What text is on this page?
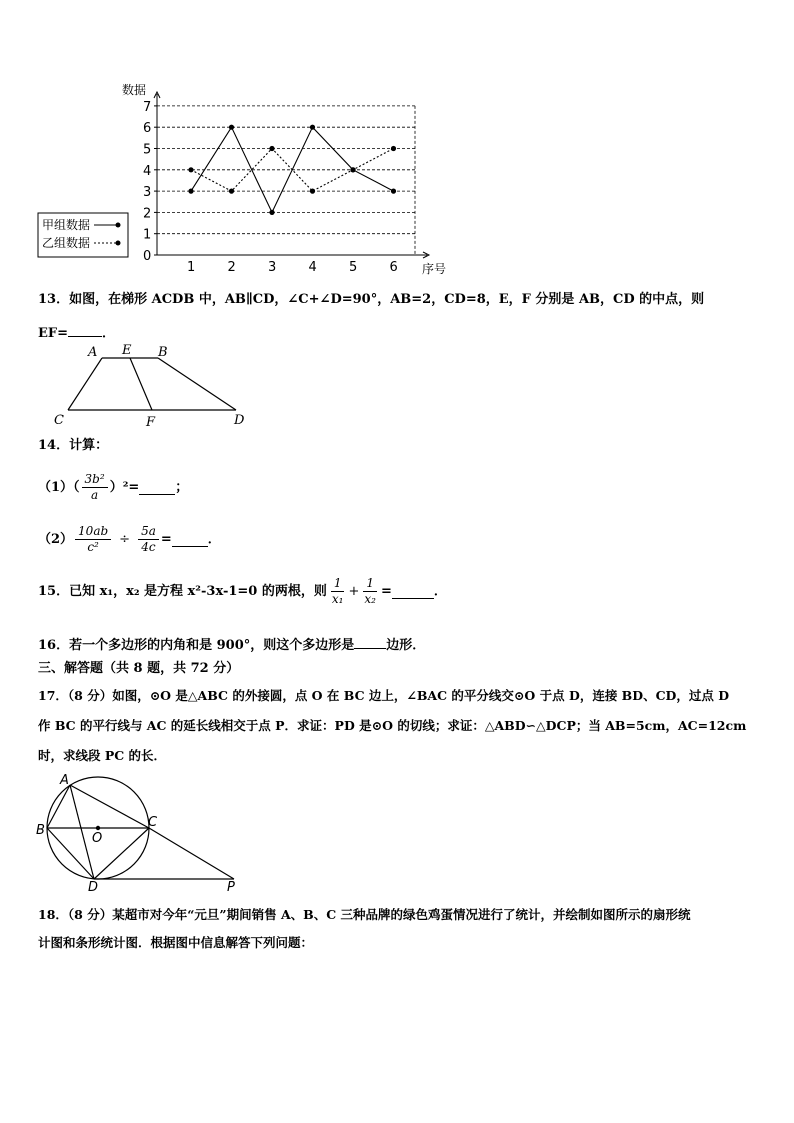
0
1
2
3
4
5
6
7
1 2 3 4 5 6
数据
序号
甲组数据
乙组数据
13．如图，在梯形 ACDB 中，AB∥CD，∠C+∠D=90°，AB=2，CD=8，E，F 分别是 AB，CD 的中点，则
EF=	．
A E B
C	F	D
14．计算：
$(1)( \frac{\text{3b²}}{a} )^2=$	；
$(2) \frac{10ab}{\text{c²}} \div \frac{5a}{4c}$ =	．
15． 已知 x₁，x₂ 是方程 x²-3x-1=0 的两根，则 $\frac{1}{\text{x₁}} + \frac{1}{\text{x₂}}$ =	．
16．若一个多边形的内角和是 900°，则这个多边形是 边形．
三、解答题（共 8 题，共 72 分）
17．（8 分）如图，⊙O 是△ABC 的外接圆，点 O 在 BC 边上，∠BAC 的平分线交⊙O 于点 D，连接 BD、CD，过点 D
作 BC 的平行线与 AC 的延长线相交于点 P．求证：PD 是⊙O 的切线；求证：△ABD∽△DCP；当 AB=5cm，AC=12cm
时，求线段 PC 的长．
A
B
C
O
D	P
18．（8 分）某超市对今年“元旦”期间销售 A、B、C 三种品牌的绿色鸡蛋情况进行了统计，并绘制如图所示的扇形统
计图和条形统计图．根据图中信息解答下列问题：
